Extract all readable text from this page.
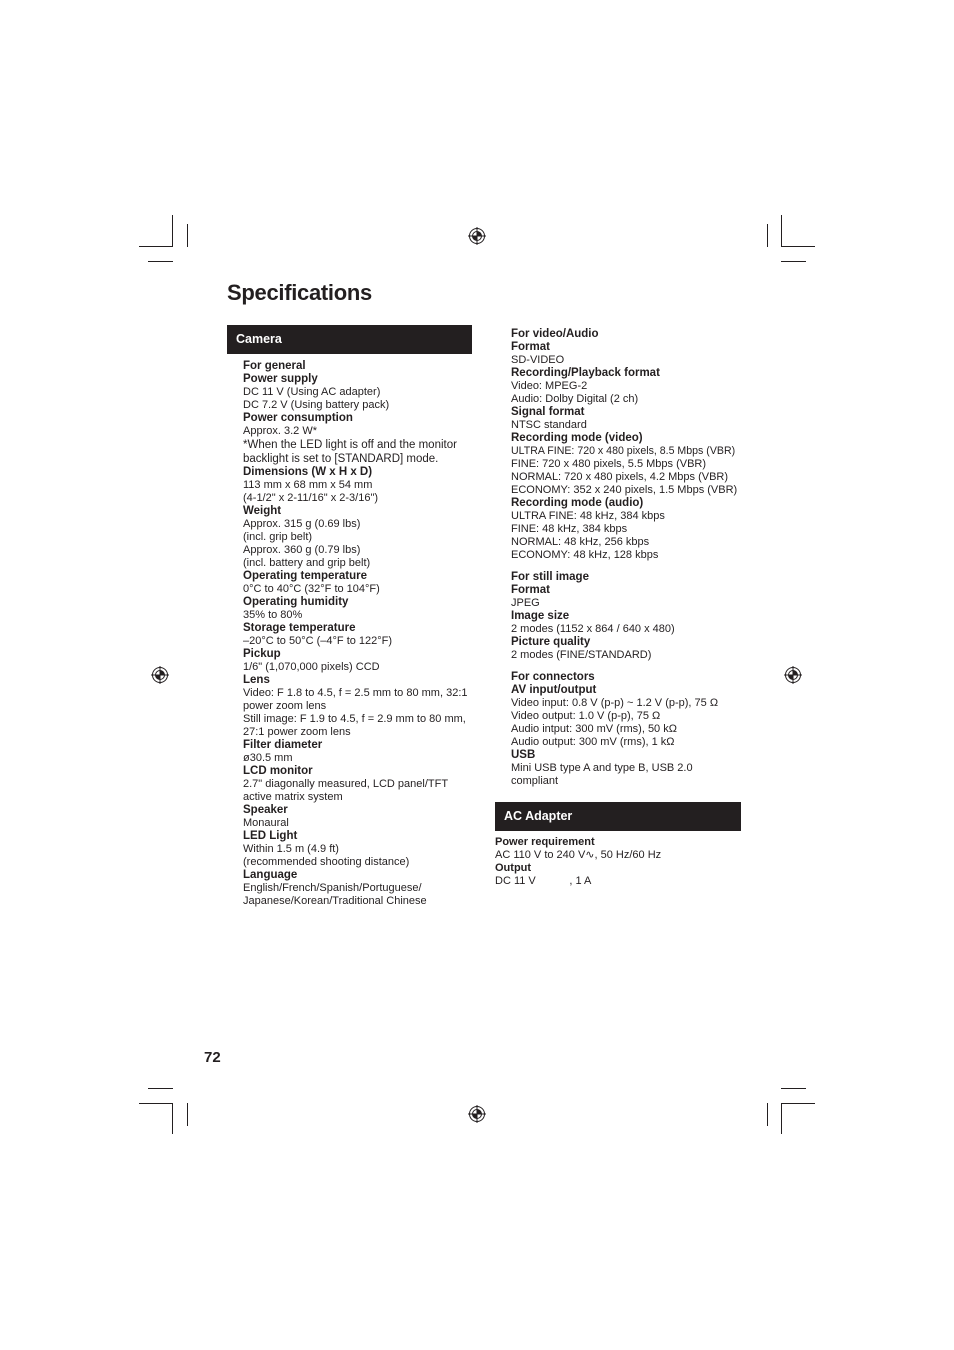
Specifications
Camera
For general
Power supply
DC 11 V (Using AC adapter)
DC 7.2 V (Using battery pack)
Power consumption
Approx. 3.2 W*
*When the LED light is off and the monitor backlight is set to [STANDARD] mode.
Dimensions (W x H x D)
113 mm x 68 mm x 54 mm
(4-1/2" x 2-11/16" x 2-3/16")
Weight
Approx. 315 g (0.69 lbs)
(incl. grip belt)
Approx. 360 g (0.79 lbs)
(incl. battery and grip belt)
Operating temperature
0°C to 40°C (32°F to 104°F)
Operating humidity
35% to 80%
Storage temperature
–20°C to 50°C (–4°F to 122°F)
Pickup
1/6" (1,070,000 pixels) CCD
Lens
Video: F 1.8 to 4.5, f = 2.5 mm to 80 mm, 32:1 power zoom lens
Still image: F 1.9 to 4.5, f = 2.9 mm to 80 mm, 27:1 power zoom lens
Filter diameter
ø30.5 mm
LCD monitor
2.7" diagonally measured, LCD panel/TFT active matrix system
Speaker
Monaural
LED Light
Within 1.5 m (4.9 ft)
(recommended shooting distance)
Language
English/French/Spanish/Portuguese/
Japanese/Korean/Traditional Chinese
For video/Audio
Format
SD-VIDEO
Recording/Playback format
Video: MPEG-2
Audio: Dolby Digital (2 ch)
Signal format
NTSC standard
Recording mode (video)
ULTRA FINE: 720 x 480 pixels, 8.5 Mbps (VBR)
FINE: 720 x 480 pixels, 5.5 Mbps (VBR)
NORMAL: 720 x 480 pixels, 4.2 Mbps (VBR)
ECONOMY: 352 x 240 pixels, 1.5 Mbps (VBR)
Recording mode (audio)
ULTRA FINE: 48 kHz, 384 kbps
FINE: 48 kHz, 384 kbps
NORMAL: 48 kHz, 256 kbps
ECONOMY: 48 kHz, 128 kbps
For still image
Format
JPEG
Image size
2 modes (1152 x 864 / 640 x 480)
Picture quality
2 modes (FINE/STANDARD)
For connectors
AV input/output
Video input: 0.8 V (p-p) ~ 1.2 V (p-p), 75 Ω
Video output: 1.0 V (p-p), 75 Ω
Audio intput: 300 mV (rms), 50 kΩ
Audio output: 300 mV (rms), 1 kΩ
USB
Mini USB type A and type B, USB 2.0 compliant
AC Adapter
Power requirement
AC 110 V to 240 V∿, 50 Hz/60 Hz
Output
DC 11 V           , 1 A
72
